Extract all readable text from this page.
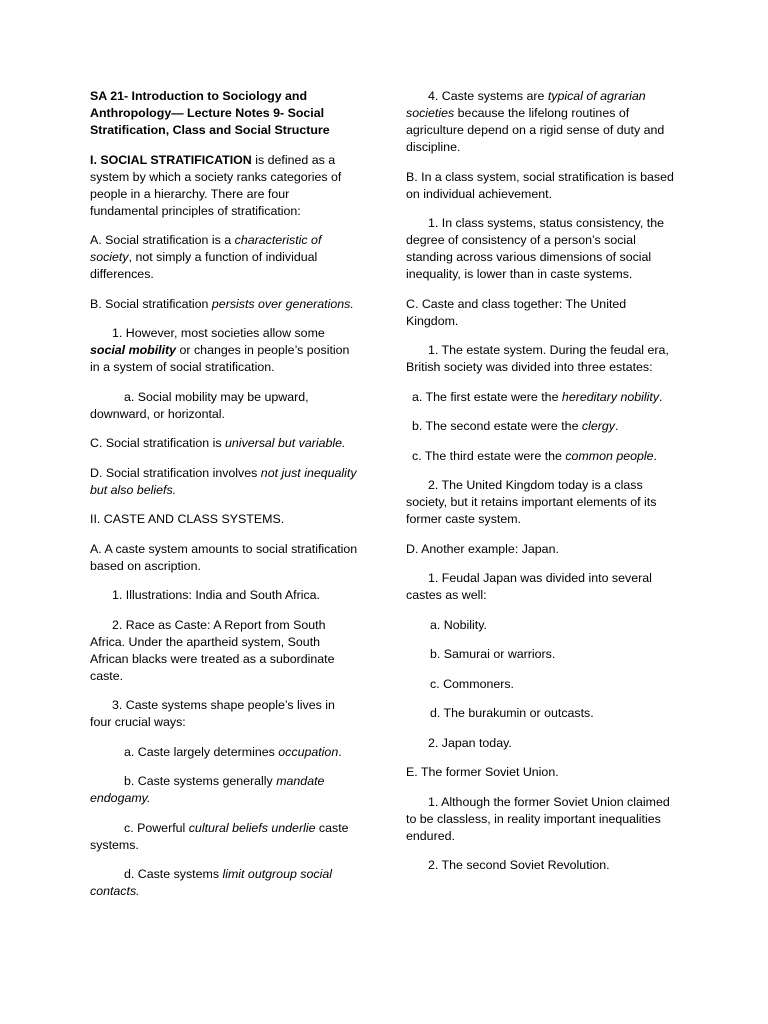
SA 21- Introduction to Sociology and Anthropology— Lecture Notes 9- Social Stratification, Class and Social Structure

I. SOCIAL STRATIFICATION is defined as a system by which a society ranks categories of people in a hierarchy. There are four fundamental principles of stratification:

A. Social stratification is a characteristic of society, not simply a function of individual differences.

B. Social stratification persists over generations.

1. However, most societies allow some social mobility or changes in people’s position in a system of social stratification.

a. Social mobility may be upward, downward, or horizontal.

C. Social stratification is universal but variable.

D. Social stratification involves not just inequality but also beliefs.

II. CASTE AND CLASS SYSTEMS.

A. A caste system amounts to social stratification based on ascription.

1. Illustrations: India and South Africa.

2. Race as Caste: A Report from South Africa. Under the apartheid system, South African blacks were treated as a subordinate caste.

3. Caste systems shape people’s lives in four crucial ways:

a. Caste largely determines occupation.

b. Caste systems generally mandate endogamy.

c. Powerful cultural beliefs underlie caste systems.

d. Caste systems limit outgroup social contacts.

4. Caste systems are typical of agrarian societies because the lifelong routines of agriculture depend on a rigid sense of duty and discipline.

B. In a class system, social stratification is based on individual achievement.

1. In class systems, status consistency, the degree of consistency of a person’s social standing across various dimensions of social inequality, is lower than in caste systems.

C. Caste and class together: The United Kingdom.

1. The estate system. During the feudal era, British society was divided into three estates:

a. The first estate were the hereditary nobility.

b. The second estate were the clergy.

c. The third estate were the common people.

2. The United Kingdom today is a class society, but it retains important elements of its former caste system.

D. Another example: Japan.

1. Feudal Japan was divided into several castes as well:

a. Nobility.

b. Samurai or warriors.

c. Commoners.

d. The burakumin or outcasts.

2. Japan today.

E. The former Soviet Union.

1. Although the former Soviet Union claimed to be classless, in reality important inequalities endured.

2. The second Soviet Revolution.
